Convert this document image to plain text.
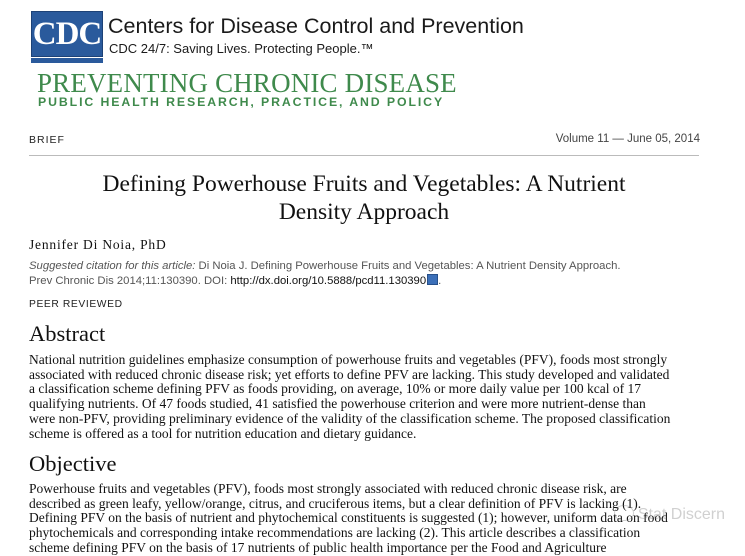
CDC Centers for Disease Control and Prevention
CDC 24/7: Saving Lives. Protecting People.™
PREVENTING CHRONIC DISEASE
PUBLIC HEALTH RESEARCH, PRACTICE, AND POLICY
BRIEF	Volume 11 — June 05, 2014
Defining Powerhouse Fruits and Vegetables: A Nutrient
Density Approach
Jennifer Di Noia, PhD
Suggested citation for this article: Di Noia J. Defining Powerhouse Fruits and Vegetables: A Nutrient Density Approach.
Prev Chronic Dis 2014;11:130390. DOI: http://dx.doi.org/10.5888/pcd11.130390 .
PEER REVIEWED
Abstract
National nutrition guidelines emphasize consumption of powerhouse fruits and vegetables (PFV), foods most strongly
associated with reduced chronic disease risk; yet efforts to define PFV are lacking. This study developed and validated
a classification scheme defining PFV as foods providing, on average, 10% or more daily value per 100 kcal of 17
qualifying nutrients. Of 47 foods studied, 41 satisfied the powerhouse criterion and were more nutrient-dense than
were non-PFV, providing preliminary evidence of the validity of the classification scheme. The proposed classification
scheme is offered as a tool for nutrition education and dietary guidance.
Objective
Powerhouse fruits and vegetables (PFV), foods most strongly associated with reduced chronic disease risk, are
described as green leafy, yellow/orange, citrus, and cruciferous items, but a clear definition of PFV is lacking (1).
Defining PFV on the basis of nutrient and phytochemical constituents is suggested (1); however, uniform data on food
phytochemicals and corresponding intake recommendations are lacking (2). This article describes a classification
scheme defining PFV on the basis of 17 nutrients of public health importance per the Food and Agriculture
Stat Discern
